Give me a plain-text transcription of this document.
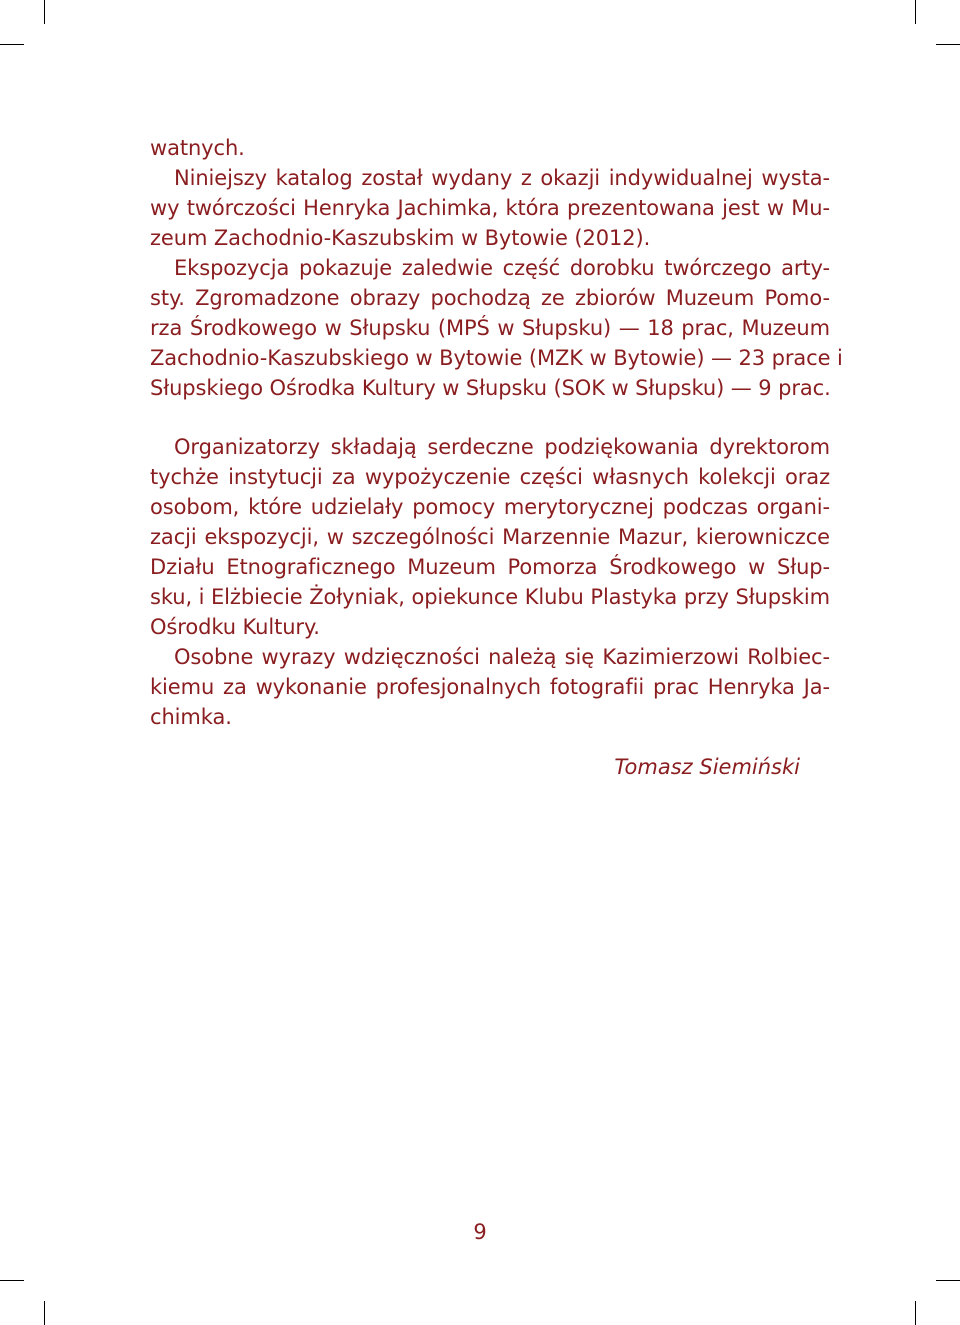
watnych.
Niniejszy katalog został wydany z okazji indywidualnej wysta-
wy twórczości Henryka Jachimka, która prezentowana jest w Mu-
zeum Zachodnio-Kaszubskim w Bytowie (2012).
Ekspozycja pokazuje zaledwie część dorobku twórczego arty-
sty. Zgromadzone obrazy pochodzą ze zbiorów Muzeum Pomo-
rza Środkowego w Słupsku (MPŚ w Słupsku) — 18 prac, Muzeum
Zachodnio-Kaszubskiego w Bytowie (MZK w Bytowie) — 23 prace i
Słupskiego Ośrodka Kultury w Słupsku (SOK w Słupsku) — 9 prac.
Organizatorzy składają serdeczne podziękowania dyrektorom
tychże instytucji za wypożyczenie części własnych kolekcji oraz
osobom, które udzielały pomocy merytorycznej podczas organi-
zacji ekspozycji, w szczególności Marzennie Mazur, kierowniczce
Działu Etnograficznego Muzeum Pomorza Środkowego w Słup-
sku, i Elżbiecie Żołyniak, opiekunce Klubu Plastyka przy Słupskim
Ośrodku Kultury.
Osobne wyrazy wdzięczności należą się Kazimierzowi Rolbiec-
kiemu za wykonanie profesjonalnych fotografii prac Henryka Ja-
chimka.
Tomasz Siemiński
9
